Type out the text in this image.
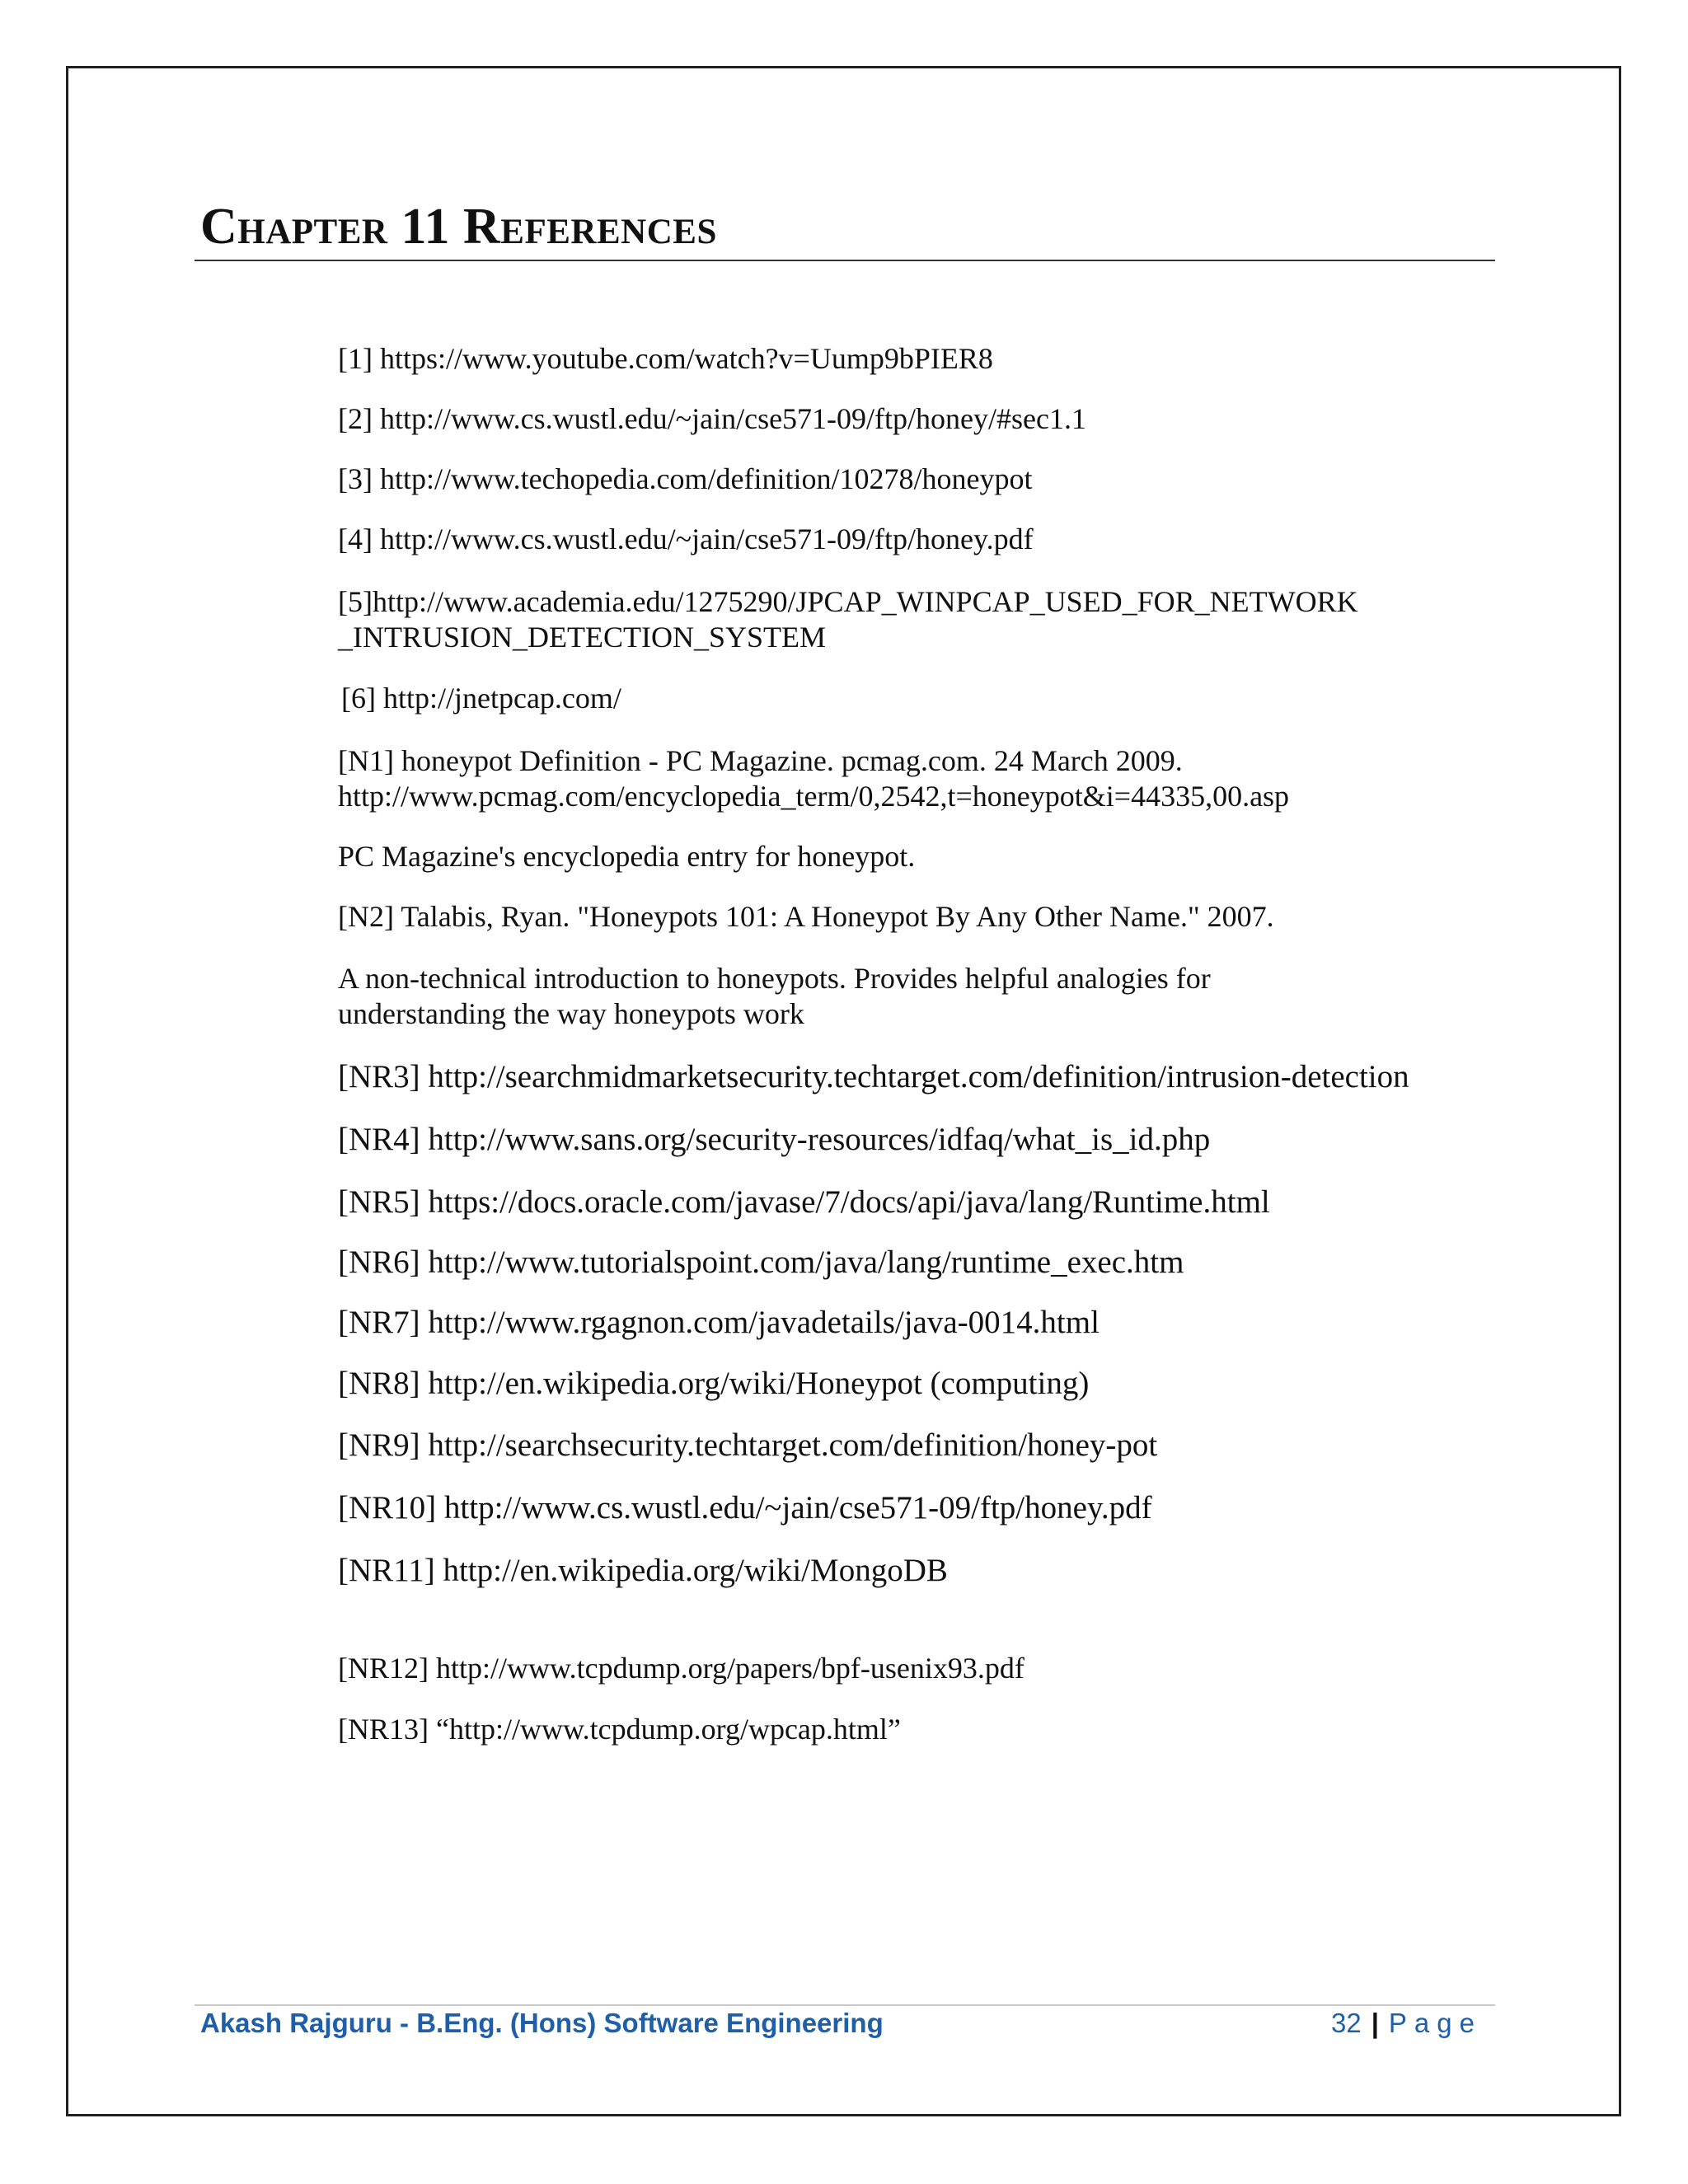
Chapter 11 References
[1] https://www.youtube.com/watch?v=Uump9bPIER8
[2] http://www.cs.wustl.edu/~jain/cse571-09/ftp/honey/#sec1.1
[3] http://www.techopedia.com/definition/10278/honeypot
[4] http://www.cs.wustl.edu/~jain/cse571-09/ftp/honey.pdf
[5]http://www.academia.edu/1275290/JPCAP_WINPCAP_USED_FOR_NETWORK
_INTRUSION_DETECTION_SYSTEM
[6] http://jnetpcap.com/
[N1] honeypot Definition - PC Magazine. pcmag.com. 24 March 2009.
http://www.pcmag.com/encyclopedia_term/0,2542,t=honeypot&i=44335,00.asp
PC Magazine's encyclopedia entry for honeypot.
[N2] Talabis, Ryan. "Honeypots 101: A Honeypot By Any Other Name." 2007.
A non-technical introduction to honeypots. Provides helpful analogies for
understanding the way honeypots work
[NR3] http://searchmidmarketsecurity.techtarget.com/definition/intrusion-detection
[NR4] http://www.sans.org/security-resources/idfaq/what_is_id.php
[NR5] https://docs.oracle.com/javase/7/docs/api/java/lang/Runtime.html
[NR6] http://www.tutorialspoint.com/java/lang/runtime_exec.htm
[NR7] http://www.rgagnon.com/javadetails/java-0014.html
[NR8] http://en.wikipedia.org/wiki/Honeypot (computing)
[NR9] http://searchsecurity.techtarget.com/definition/honey-pot
[NR10] http://www.cs.wustl.edu/~jain/cse571-09/ftp/honey.pdf
[NR11] http://en.wikipedia.org/wiki/MongoDB
[NR12] http://www.tcpdump.org/papers/bpf-usenix93.pdf
[NR13] “http://www.tcpdump.org/wpcap.html”
Akash Rajguru - B.Eng. (Hons) Software Engineering	32 | Page
